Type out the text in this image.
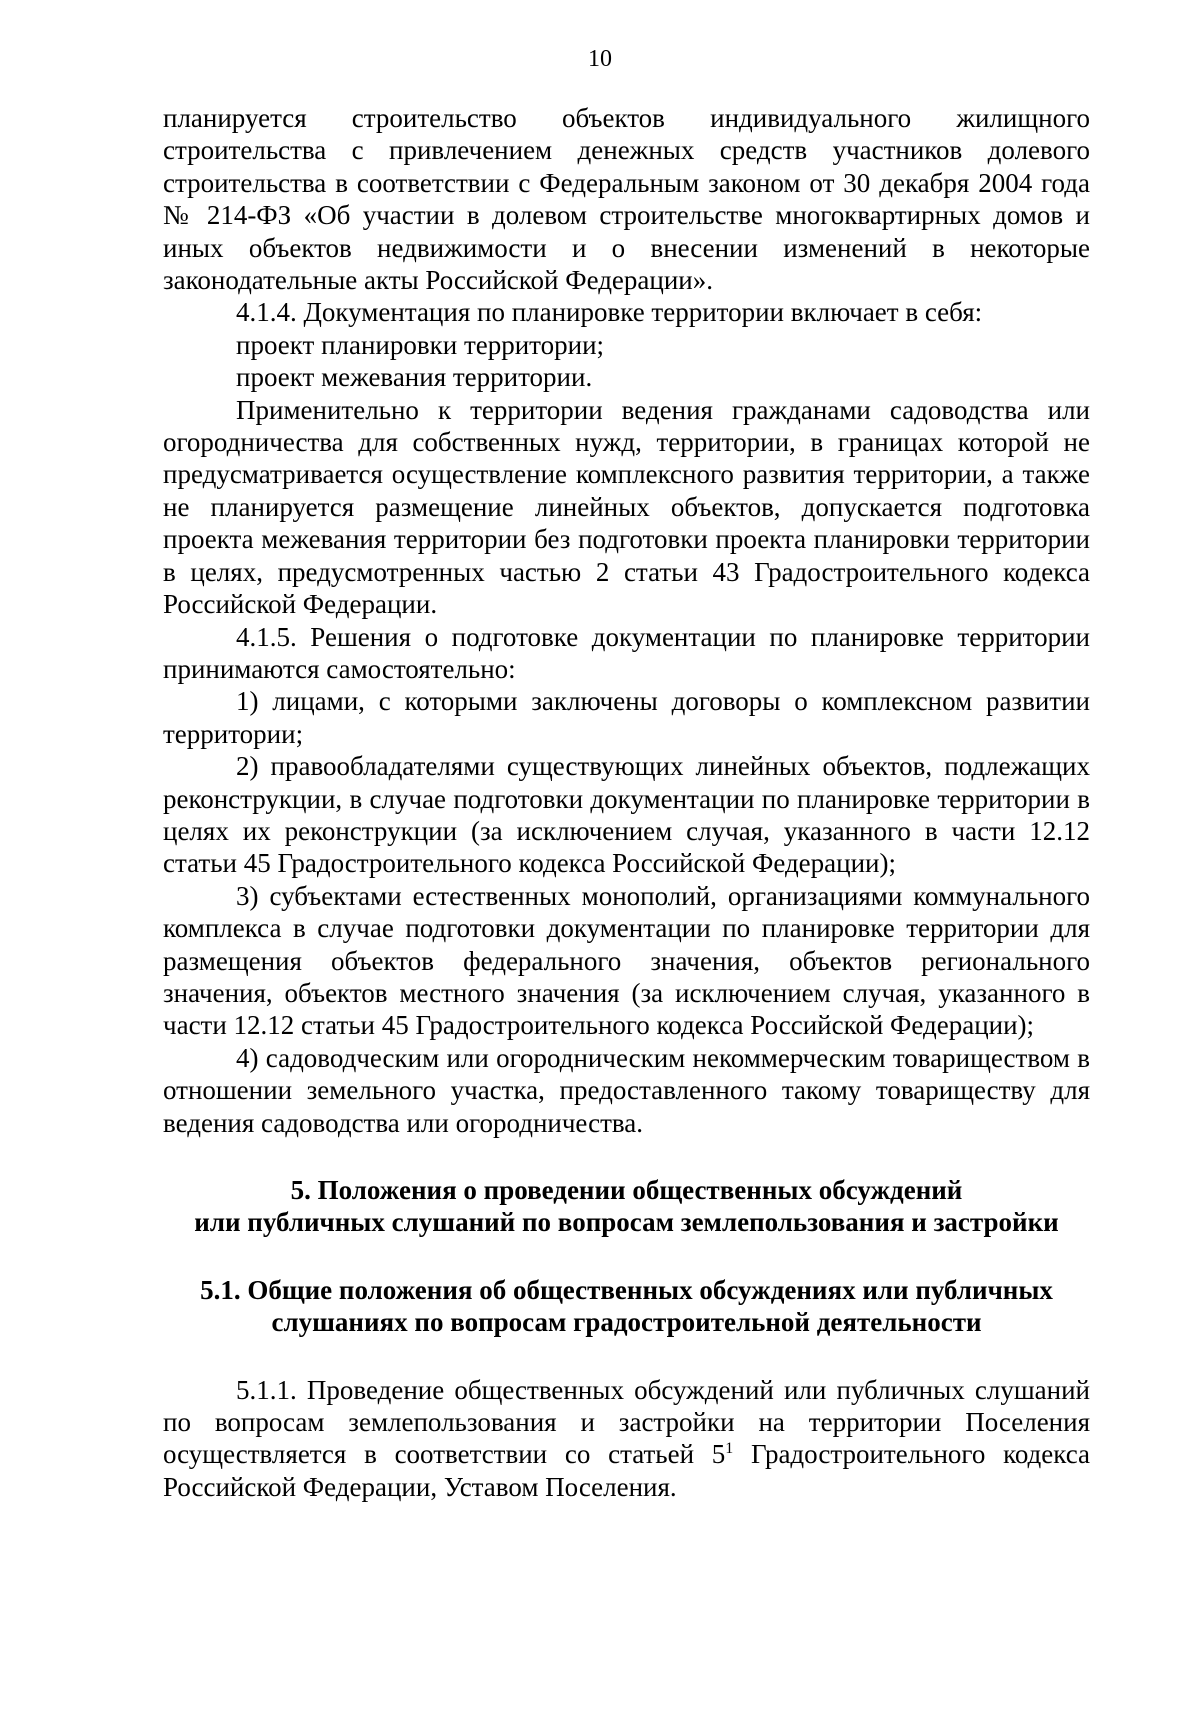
10

планируется строительство объектов индивидуального жилищного строительства с привлечением денежных средств участников долевого строительства в соответствии с Федеральным законом от 30 декабря 2004 года № 214-ФЗ «Об участии в долевом строительстве многоквартирных домов и иных объектов недвижимости и о внесении изменений в некоторые законодательные акты Российской Федерации».

4.1.4. Документация по планировке территории включает в себя:

проект планировки территории;

проект межевания территории.

Применительно к территории ведения гражданами садоводства или огородничества для собственных нужд, территории, в границах которой не предусматривается осуществление комплексного развития территории, а также не планируется размещение линейных объектов, допускается подготовка проекта межевания территории без подготовки проекта планировки территории в целях, предусмотренных частью 2 статьи 43 Градостроительного кодекса Российской Федерации.

4.1.5. Решения о подготовке документации по планировке территории принимаются самостоятельно:

1) лицами, с которыми заключены договоры о комплексном развитии территории;

2) правообладателями существующих линейных объектов, подлежащих реконструкции, в случае подготовки документации по планировке территории в целях их реконструкции (за исключением случая, указанного в части 12.12 статьи 45 Градостроительного кодекса Российской Федерации);

3) субъектами естественных монополий, организациями коммунального комплекса в случае подготовки документации по планировке территории для размещения объектов федерального значения, объектов регионального значения, объектов местного значения (за исключением случая, указанного в части 12.12 статьи 45 Градостроительного кодекса Российской Федерации);

4) садоводческим или огородническим некоммерческим товариществом в отношении земельного участка, предоставленного такому товариществу для ведения садоводства или огородничества.

5. Положения о проведении общественных обсуждений
или публичных слушаний по вопросам землепользования и застройки
5.1. Общие положения об общественных обсуждениях или публичных
слушаниях по вопросам градостроительной деятельности

5.1.1. Проведение общественных обсуждений или публичных слушаний по вопросам землепользования и застройки на территории Поселения осуществляется в соответствии со статьей $5^1$ Градостроительного кодекса Российской Федерации, Уставом Поселения.
